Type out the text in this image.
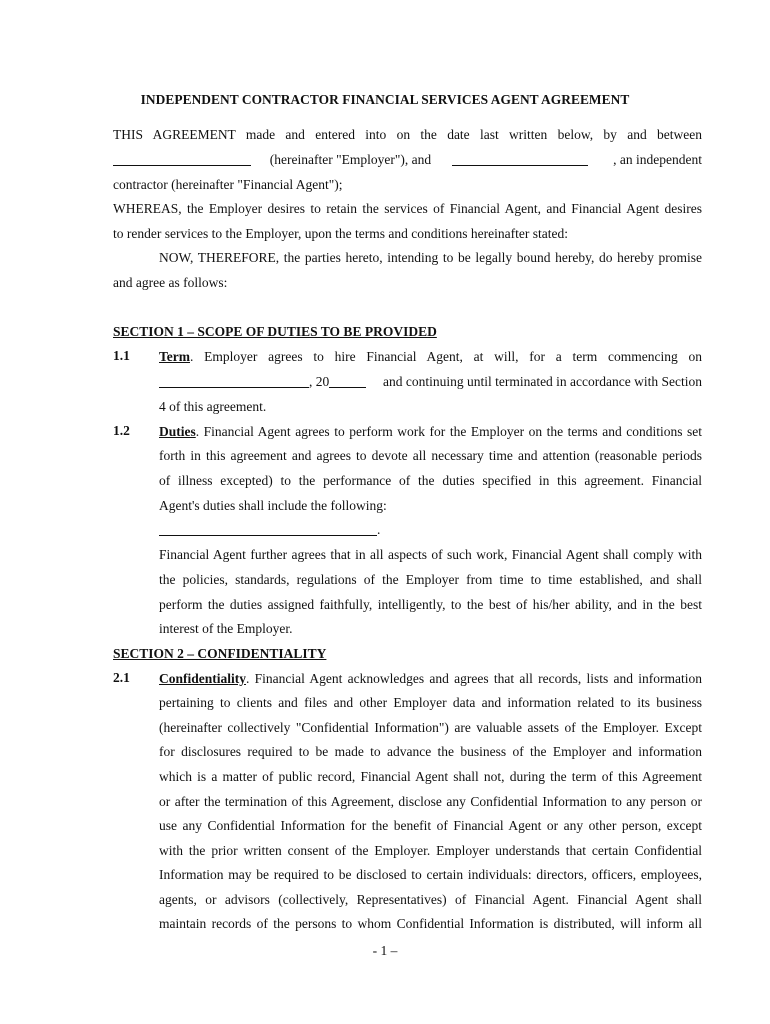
INDEPENDENT CONTRACTOR FINANCIAL SERVICES AGENT AGREEMENT
THIS AGREEMENT made and entered into on the date last written below, by and between
(hereinafter "Employer"), and	, an independent
contractor (hereinafter "Financial Agent");
WHEREAS, the Employer desires to retain the services of Financial Agent, and Financial Agent desires
to render services to the Employer, upon the terms and conditions hereinafter stated:
NOW, THEREFORE, the parties hereto, intending to be legally bound hereby, do hereby promise
and agree as follows:
SECTION 1 – SCOPE OF DUTIES TO BE PROVIDED
1.1 Term. Employer agrees to hire Financial Agent, at will, for a term commencing on
, 20	and continuing until terminated in accordance with Section
4 of this agreement.
1.2 Duties. Financial Agent agrees to perform work for the Employer on the terms and conditions set
forth in this agreement and agrees to devote all necessary time and attention (reasonable periods
of illness excepted) to the performance of the duties specified in this agreement. Financial
Agent's duties shall include the following:
.
Financial Agent further agrees that in all aspects of such work, Financial Agent shall comply with
the policies, standards, regulations of the Employer from time to time established, and shall
perform the duties assigned faithfully, intelligently, to the best of his/her ability, and in the best
interest of the Employer.
SECTION 2 – CONFIDENTIALITY
2.1 Confidentiality. Financial Agent acknowledges and agrees that all records, lists and information
pertaining to clients and files and other Employer data and information related to its business
(hereinafter collectively "Confidential Information") are valuable assets of the Employer. Except
for disclosures required to be made to advance the business of the Employer and information
which is a matter of public record, Financial Agent shall not, during the term of this Agreement
or after the termination of this Agreement, disclose any Confidential Information to any person or
use any Confidential Information for the benefit of Financial Agent or any other person, except
with the prior written consent of the Employer. Employer understands that certain Confidential
Information may be required to be disclosed to certain individuals: directors, officers, employees,
agents, or advisors (collectively, Representatives) of Financial Agent. Financial Agent shall
maintain records of the persons to whom Confidential Information is distributed, will inform all
- 1 –
